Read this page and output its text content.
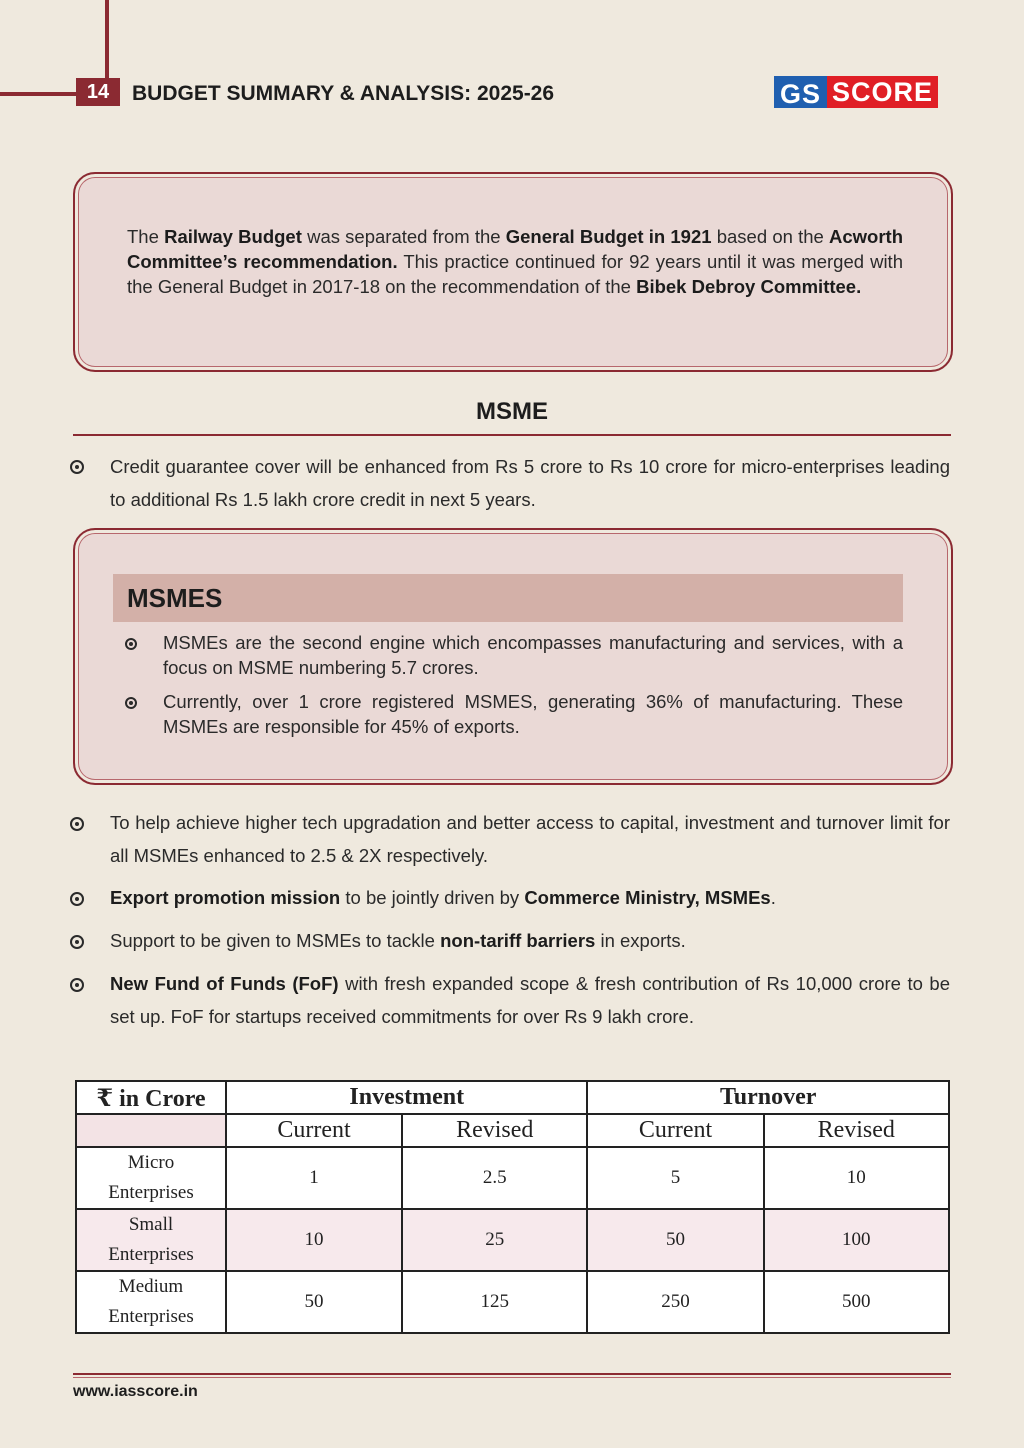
14	BUDGET SUMMARY & ANALYSIS: 2025-26	GS SCORE

The Railway Budget was separated from the General Budget in 1921 based on the Acworth Committee’s recommendation. This practice continued for 92 years until it was merged with the General Budget in 2017-18 on the recommendation of the Bibek Debroy Committee.

MSME
Credit guarantee cover will be enhanced from Rs 5 crore to Rs 10 crore for micro-enterprises leading to additional Rs 1.5 lakh crore credit in next 5 years.
MSMES
MSMEs are the second engine which encompasses manufacturing and services, with a focus on MSME numbering 5.7 crores.
Currently, over 1 crore registered MSMES, generating 36% of manufacturing. These MSMEs are responsible for 45% of exports.
To help achieve higher tech upgradation and better access to capital, investment and turnover limit for all MSMEs enhanced to 2.5 & 2X respectively.
Export promotion mission to be jointly driven by Commerce Ministry, MSMEs.
Support to be given to MSMEs to tackle non-tariff barriers in exports.
New Fund of Funds (FoF) with fresh expanded scope & fresh contribution of Rs 10,000 crore to be set up. FoF for startups received commitments for over Rs 9 lakh crore.
₹ in Crore	Investment		Turnover	
	Current	Revised	Current	Revised
Micro
Enterprises	1	2.5	5	10
Small
Enterprises	10	25	50	100
Medium
Enterprises	50	125	250	500
www.iasscore.in
